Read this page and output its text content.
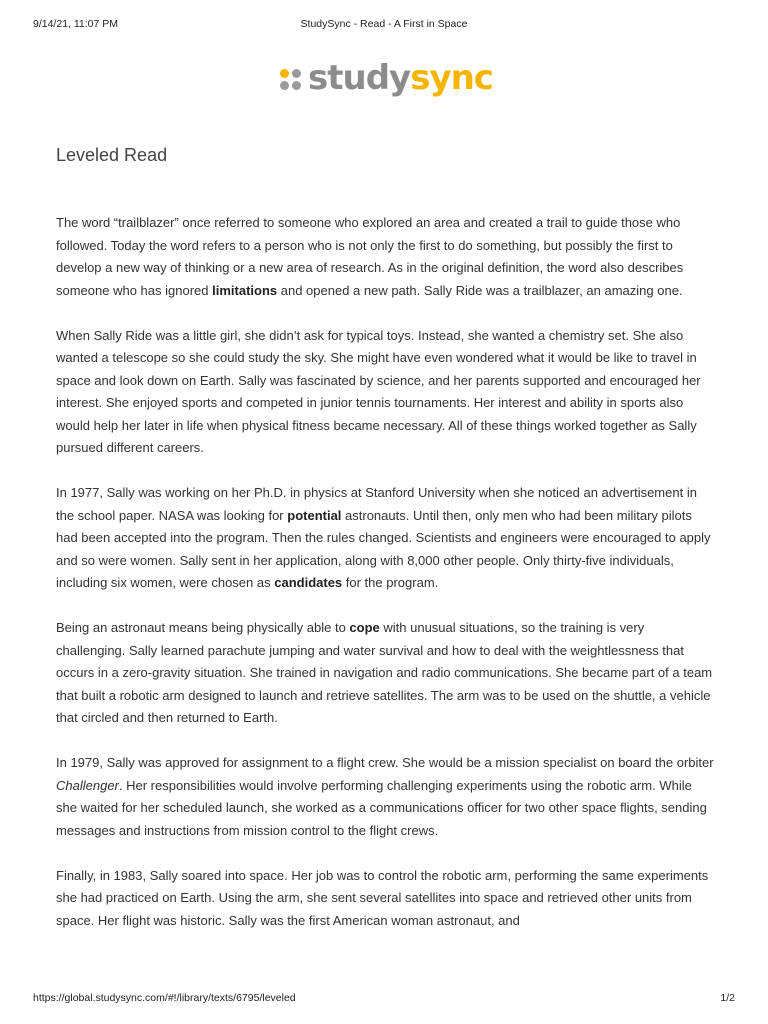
9/14/21, 11:07 PM	StudySync - Read - A First in Space
studysync
Leveled Read

The word “trailblazer” once referred to someone who explored an area and created a trail to guide those who followed. Today the word refers to a person who is not only the first to do something, but possibly the first to develop a new way of thinking or a new area of research. As in the original definition, the word also describes someone who has ignored limitations and opened a new path. Sally Ride was a trailblazer, an amazing one.

When Sally Ride was a little girl, she didn’t ask for typical toys. Instead, she wanted a chemistry set. She also wanted a telescope so she could study the sky. She might have even wondered what it would be like to travel in space and look down on Earth. Sally was fascinated by science, and her parents supported and encouraged her interest. She enjoyed sports and competed in junior tennis tournaments. Her interest and ability in sports also would help her later in life when physical fitness became necessary. All of these things worked together as Sally pursued different careers.

In 1977, Sally was working on her Ph.D. in physics at Stanford University when she noticed an advertisement in the school paper. NASA was looking for potential astronauts. Until then, only men who had been military pilots had been accepted into the program. Then the rules changed. Scientists and engineers were encouraged to apply and so were women. Sally sent in her application, along with 8,000 other people. Only thirty-five individuals, including six women, were chosen as candidates for the program.

Being an astronaut means being physically able to cope with unusual situations, so the training is very challenging. Sally learned parachute jumping and water survival and how to deal with the weightlessness that occurs in a zero-gravity situation. She trained in navigation and radio communications. She became part of a team that built a robotic arm designed to launch and retrieve satellites. The arm was to be used on the shuttle, a vehicle that circled and then returned to Earth.

In 1979, Sally was approved for assignment to a flight crew. She would be a mission specialist on board the orbiter Challenger. Her responsibilities would involve performing challenging experiments using the robotic arm. While she waited for her scheduled launch, she worked as a communications officer for two other space flights, sending messages and instructions from mission control to the flight crews.

Finally, in 1983, Sally soared into space. Her job was to control the robotic arm, performing the same experiments she had practiced on Earth. Using the arm, she sent several satellites into space and retrieved other units from space. Her flight was historic. Sally was the first American woman astronaut, and

https://global.studysync.com/#!/library/texts/6795/leveled	1/2
